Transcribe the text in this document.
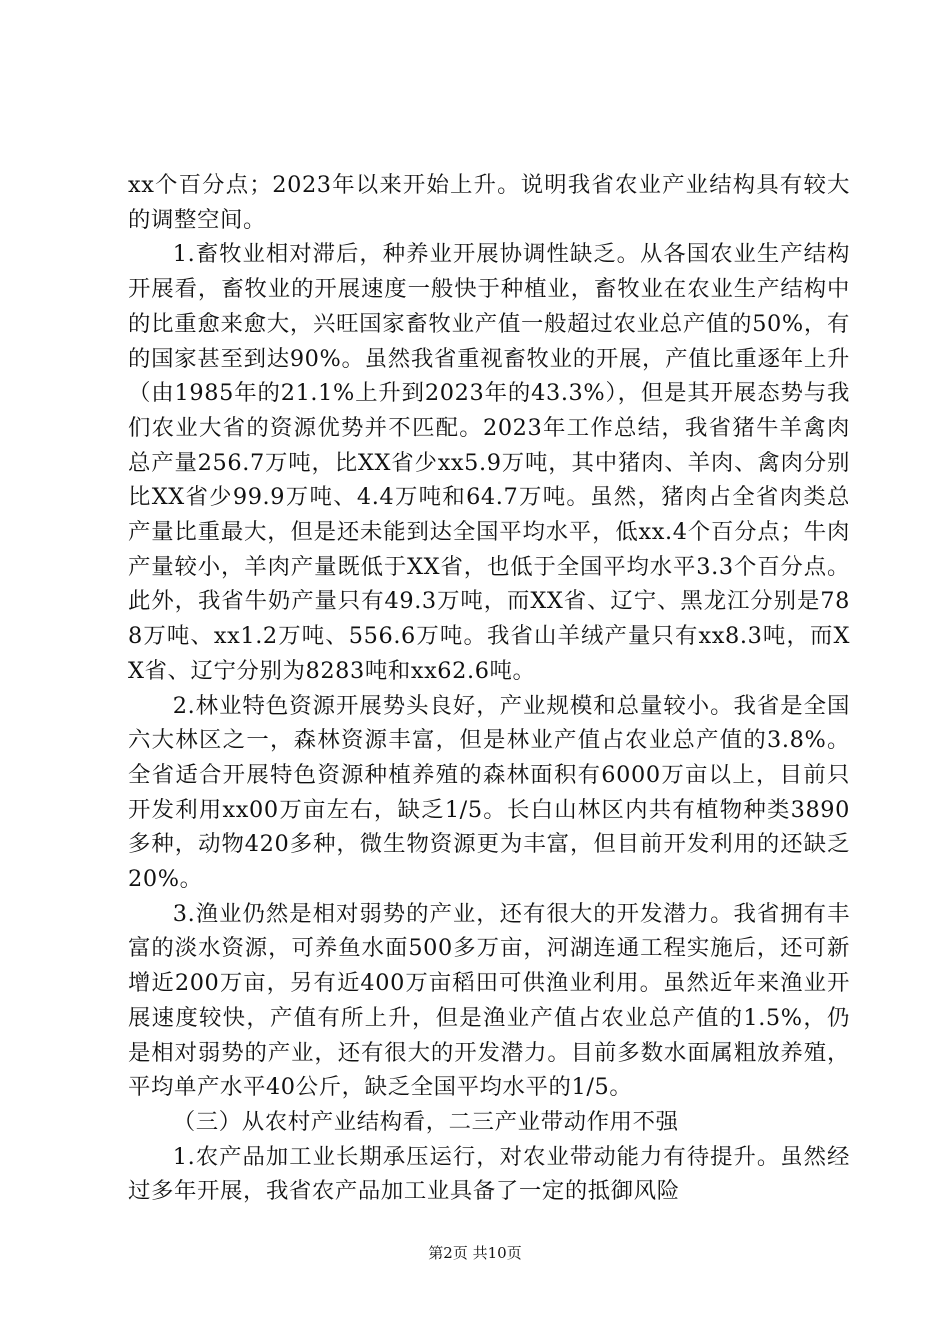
xx个百分点；2023年以来开始上升。说明我省农业产业结构具有较大的调整空间。

1.畜牧业相对滞后，种养业开展协调性缺乏。从各国农业生产结构开展看，畜牧业的开展速度一般快于种植业，畜牧业在农业生产结构中的比重愈来愈大，兴旺国家畜牧业产值一般超过农业总产值的50%，有的国家甚至到达90%。虽然我省重视畜牧业的开展，产值比重逐年上升（由1985年的21.1%上升到2023年的43.3%），但是其开展态势与我们农业大省的资源优势并不匹配。2023年工作总结，我省猪牛羊禽肉总产量256.7万吨，比XX省少xx5.9万吨，其中猪肉、羊肉、禽肉分别比XX省少99.9万吨、4.4万吨和64.7万吨。虽然，猪肉占全省肉类总产量比重最大，但是还未能到达全国平均水平，低xx.4个百分点；牛肉产量较小，羊肉产量既低于XX省，也低于全国平均水平3.3个百分点。此外，我省牛奶产量只有49.3万吨，而XX省、辽宁、黑龙江分别是788万吨、xx1.2万吨、556.6万吨。我省山羊绒产量只有xx8.3吨，而XX省、辽宁分别为8283吨和xx62.6吨。

2.林业特色资源开展势头良好，产业规模和总量较小。我省是全国六大林区之一，森林资源丰富，但是林业产值占农业总产值的3.8%。全省适合开展特色资源种植养殖的森林面积有6000万亩以上，目前只开发利用xx00万亩左右，缺乏1/5。长白山林区内共有植物种类3890多种，动物420多种，微生物资源更为丰富，但目前开发利用的还缺乏20%。

3.渔业仍然是相对弱势的产业，还有很大的开发潜力。我省拥有丰富的淡水资源，可养鱼水面500多万亩，河湖连通工程实施后，还可新增近200万亩，另有近400万亩稻田可供渔业利用。虽然近年来渔业开展速度较快，产值有所上升，但是渔业产值占农业总产值的1.5%，仍是相对弱势的产业，还有很大的开发潜力。目前多数水面属粗放养殖，平均单产水平40公斤，缺乏全国平均水平的1/5。

（三）从农村产业结构看，二三产业带动作用不强

1.农产品加工业长期承压运行，对农业带动能力有待提升。虽然经过多年开展，我省农产品加工业具备了一定的抵御风险

第2页 共10页
